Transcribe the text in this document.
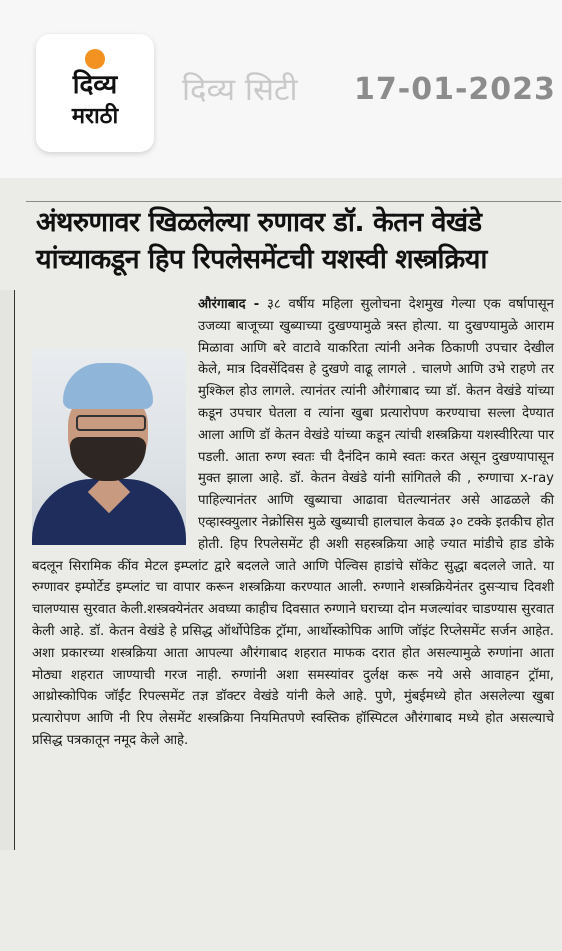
दिव्य
मराठी
दिव्य सिटी 17-01-2023
अंथरुणावर खिळलेल्या रुणावर डॉ. केतन वेखंडे
यांच्याकडून हिप रिपलेसमेंटची यशस्वी शस्त्रक्रिया
औरंगाबाद - ३८ वर्षीय महिला सुलोचना देशमुख गेल्या एक वर्षापासून उजव्या बाजूच्या खुब्याच्या दुखण्यामुळे त्रस्त होत्या. या दुखण्यामुळे आराम मिळावा आणि बरे वाटावे याकरिता त्यांनी अनेक ठिकाणी उपचार देखील केले, मात्र दिवसेंदिवस हे दुखणे वाढू लागले . चालणे आणि उभे राहणे तर मुश्किल होउ लागले. त्यानंतर त्यांनी औरंगाबाद च्या डॉ. केतन वेखंडे यांच्या कडून उपचार घेतला व त्यांना खुबा प्रत्यारोपण करण्याचा सल्ला देण्यात आला आणि डॉ केतन वेखंडे यांच्या कडून त्यांची शस्त्रक्रिया यशस्वीरित्या पार पडली. आता रुग्ण स्वतः ची दैनंदिन कामे स्वतः करत असून दुखण्यापासून मुक्त झाला आहे. डॉ. केतन वेखंडे यांनी सांगितले की , रुग्णाचा x-ray पाहिल्यानंतर आणि खुब्याचा आढावा घेतल्यानंतर असे आढळले की एव्हास्क्युलार नेक्रोसिस मुळे खुब्याची हालचाल केवळ ३० टक्के इतकीच होत होती. हिप रिपलेसमेंट ही अशी सहस्त्रक्रिया आहे ज्यात मांडीचे हाड डोके बदलून सिरामिक कींव मेटल इम्प्लांट द्वारे बदलले जाते आणि पेल्विस हाडांचे सॉकेट सुद्धा बदलले जाते. या रुग्णावर इम्पोर्टेड इम्प्लांट चा वापार करून शस्त्रक्रिया करण्यात आली. रुग्णाने शस्त्रक्रियेनंतर दुसऱ्याच दिवशी चालण्यास सुरवात केली.शस्त्रक्येनंतर अवघ्या काहीच दिवसात रुग्णाने घराच्या दोन मजल्यांवर चाडण्यास सुरवात केली आहे. डॉ. केतन वेखंडे हे प्रसिद्ध ऑर्थोपेडिक ट्रॉमा, आर्थोस्कोपिक आणि जॉइंट रिप्लेसमेंट सर्जन आहेत. अशा प्रकारच्या शस्त्रक्रिया आता आपल्या औरंगाबाद शहरात माफक दरात होत असल्यामुळे रुग्णांना आता मोठ्या शहरात जाण्याची गरज नाही. रुग्णांनी अशा समस्यांवर दुर्लक्ष करू नये असे आवाहन ट्रॉमा, आथ्रोस्कोपिक जॉईंट रिपल्समेंट तज्ञ डॉक्टर वेखंडे यांनी केले आहे. पुणे, मुंबईमध्ये होत असलेल्या खुबा प्रत्यारोपण आणि नी रिप लेसमेंट शस्त्रक्रिया नियमितपणे स्वस्तिक हॉस्पिटल औरंगाबाद मध्ये होत असल्याचे प्रसिद्ध पत्रकातून नमूद केले आहे.
